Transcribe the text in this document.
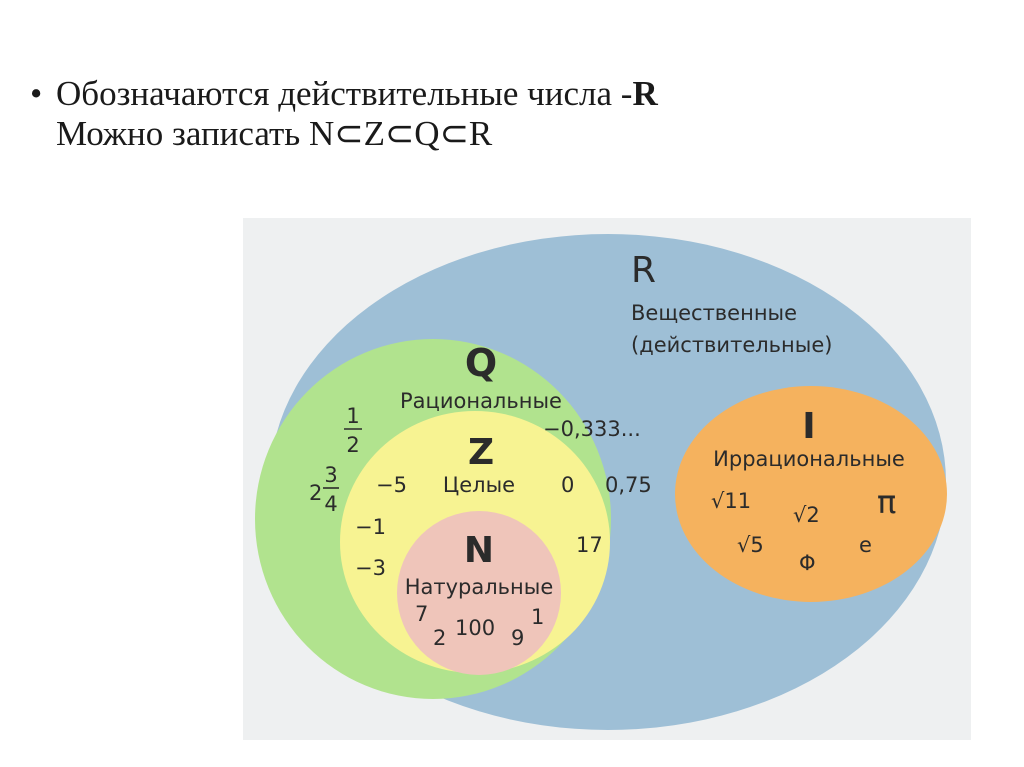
• Обозначаются действительные числа -R
Можно записать N⊂Z⊂Q⊂R
R
Вещественные
(действительные)
Q
Рациональные
1
2
2
3
4
−0,333...
Z
Целые
−5
−1
−3
0 0,75
17
N
Натуральные
7
2 100 9
1
I
Иррациональные
√11
√2
√5
π
Φ
e
